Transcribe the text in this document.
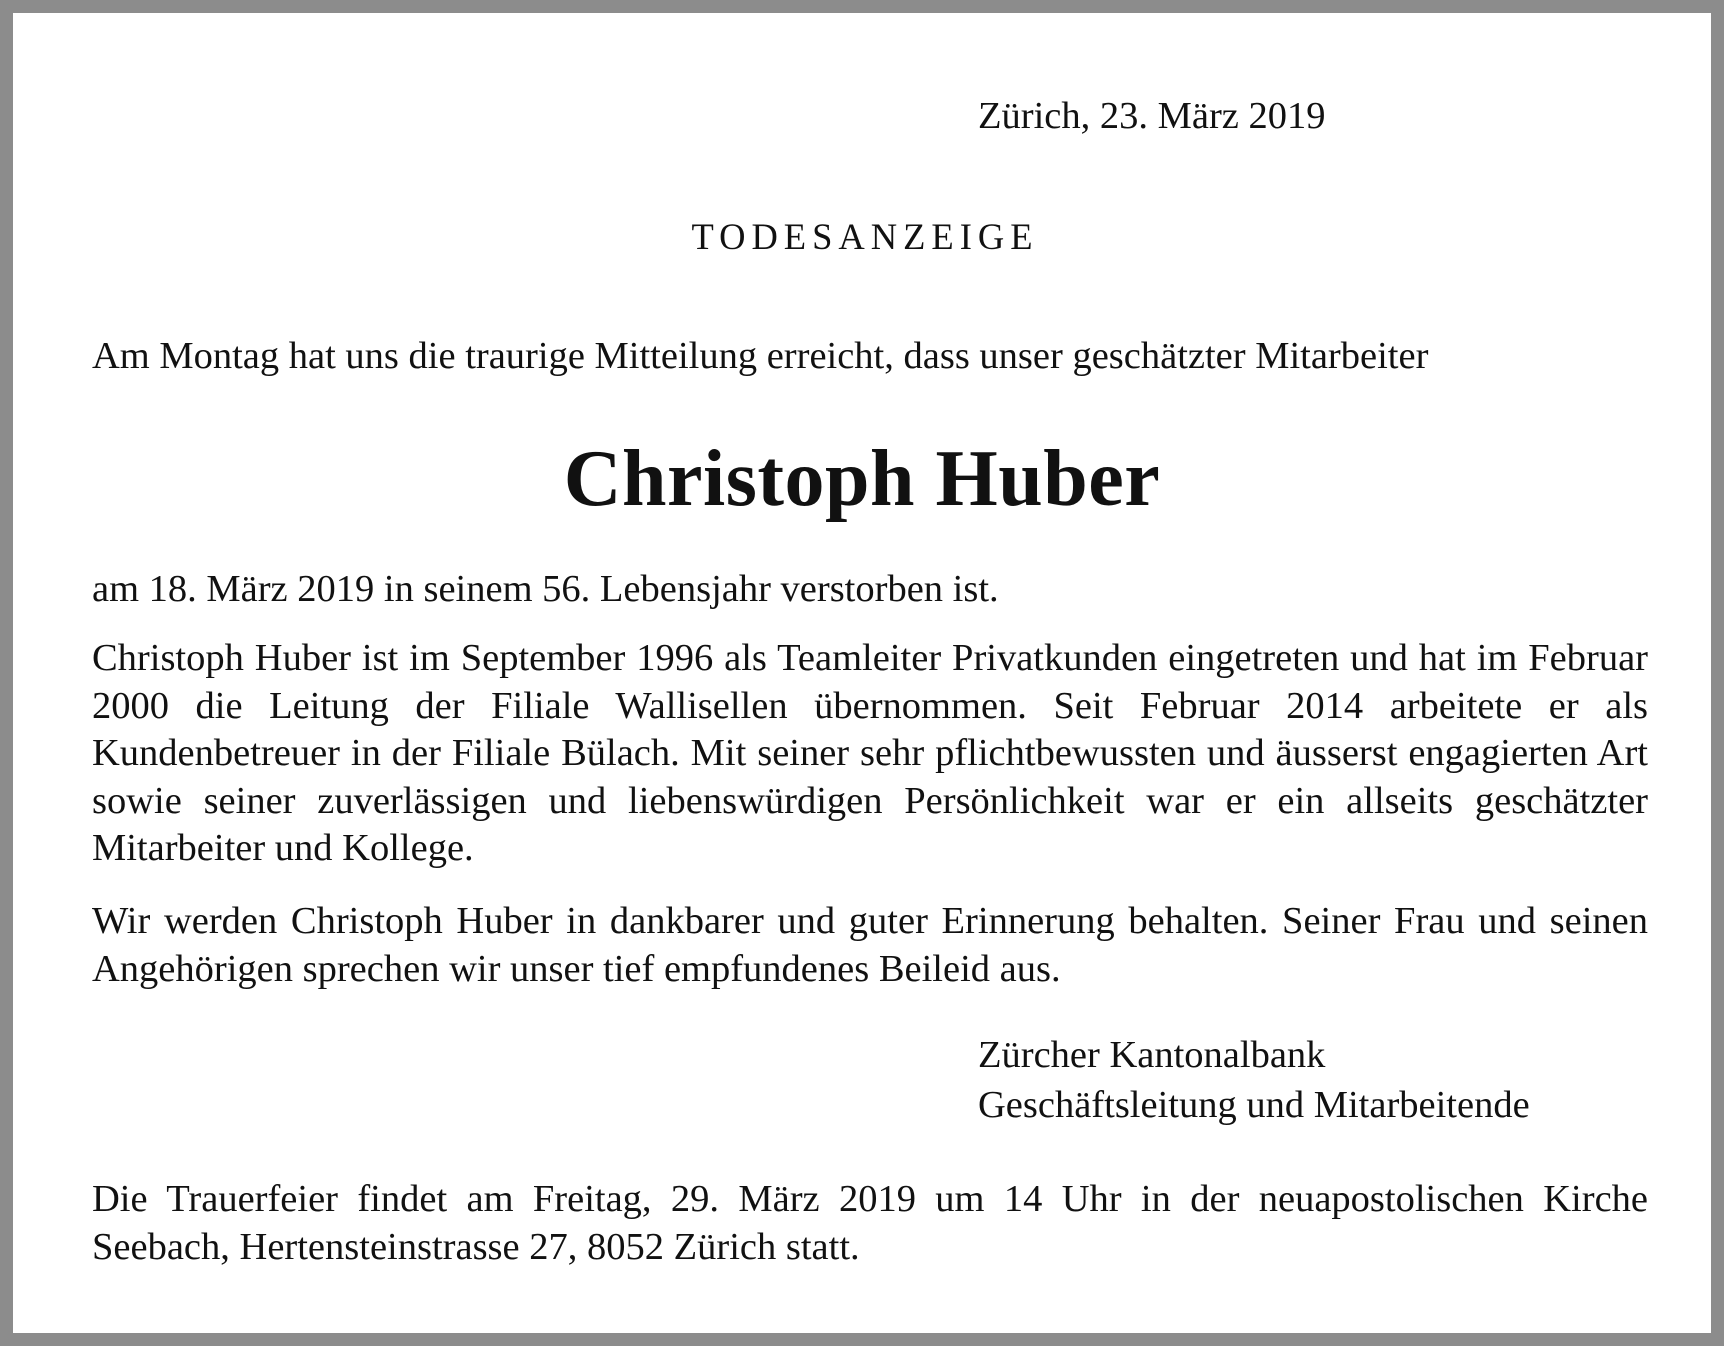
Zürich, 23. März 2019

TODESANZEIGE

Am Montag hat uns die traurige Mitteilung erreicht, dass unser geschätzter Mitarbeiter

Christoph Huber

am 18. März 2019 in seinem 56. Lebensjahr verstorben ist.

Christoph Huber ist im September 1996 als Teamleiter Privatkunden eingetreten und hat im Februar 2000 die Leitung der Filiale Wallisellen übernommen. Seit Februar 2014 arbeitete er als Kundenbetreuer in der Filiale Bülach. Mit seiner sehr pflichtbewussten und äusserst engagierten Art sowie seiner zuverlässigen und liebenswürdigen Persönlichkeit war er ein allseits geschätzter Mitarbeiter und Kollege.

Wir werden Christoph Huber in dankbarer und guter Erinnerung behalten. Seiner Frau und seinen Angehörigen sprechen wir unser tief empfundenes Beileid aus.

Zürcher Kantonalbank
Geschäftsleitung und Mitarbeitende

Die Trauerfeier findet am Freitag, 29. März 2019 um 14 Uhr in der neuapostolischen Kirche Seebach, Hertensteinstrasse 27, 8052 Zürich statt.
